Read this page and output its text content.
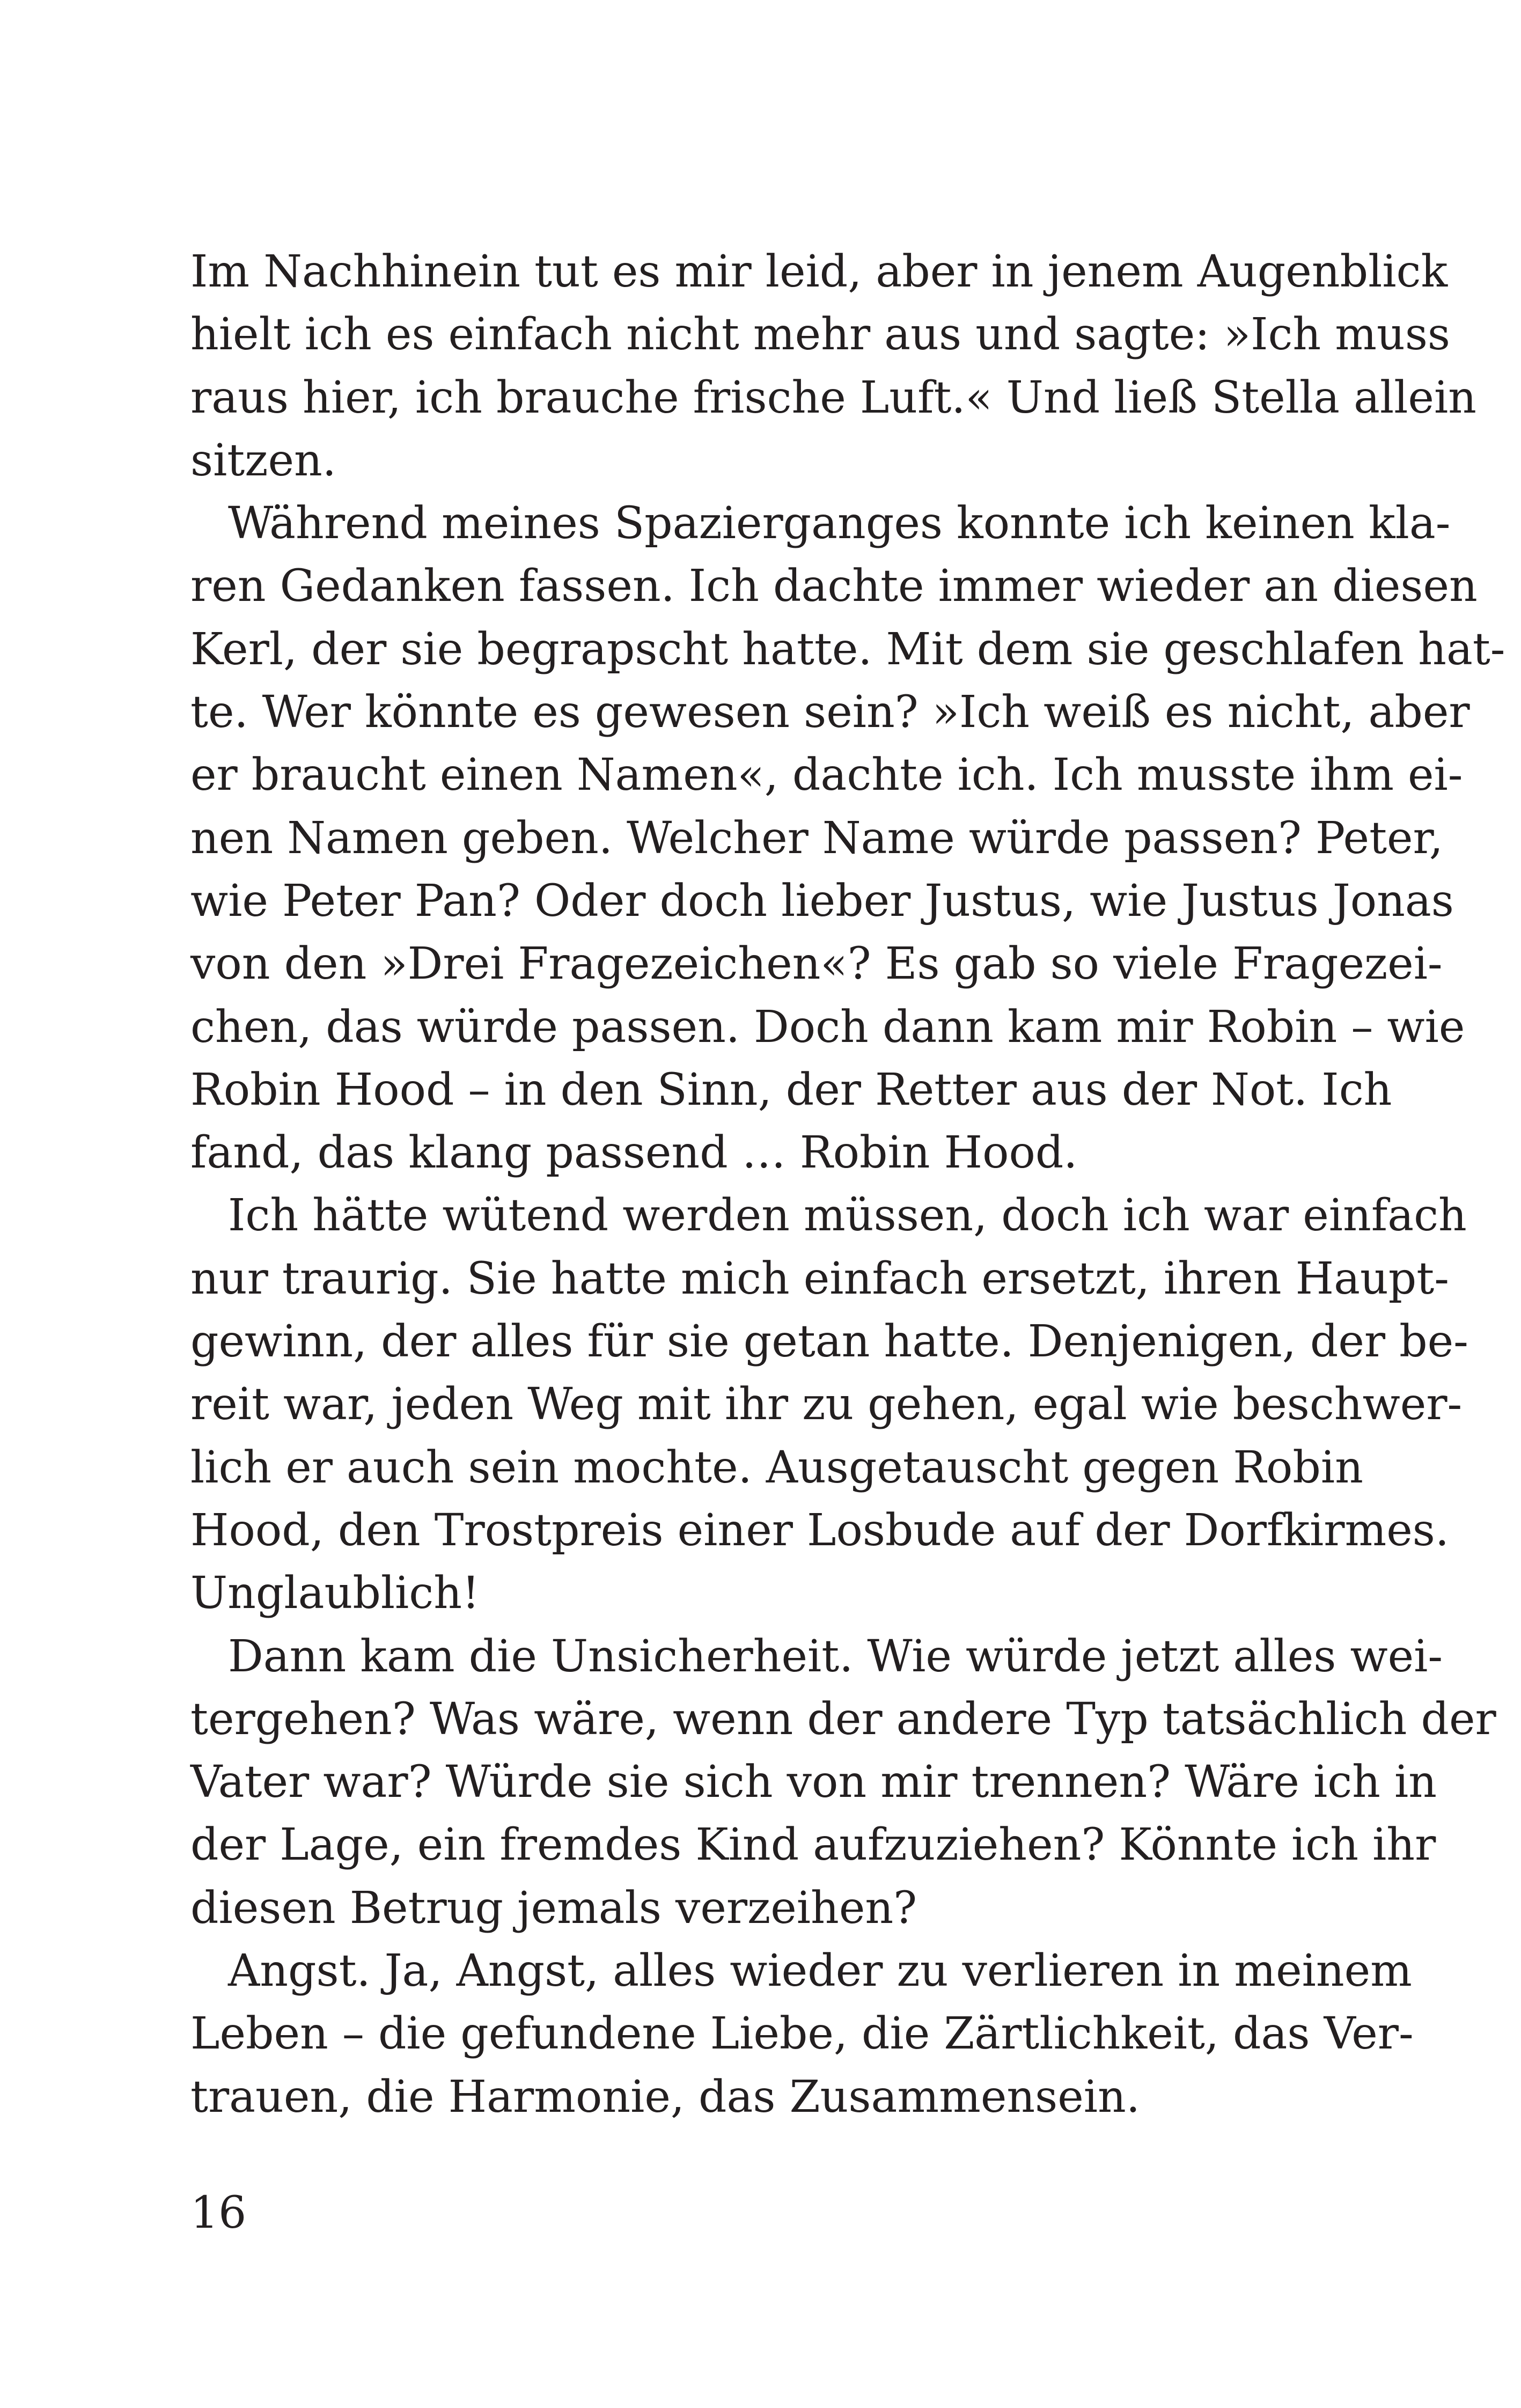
Im Nachhinein tut es mir leid, aber in jenem Augenblick
hielt ich es einfach nicht mehr aus und sagte: »Ich muss
raus hier, ich brauche frische Luft.« Und ließ Stella allein
sitzen.
Während meines Spazierganges konnte ich keinen kla-
ren Gedanken fassen. Ich dachte immer wieder an diesen
Kerl, der sie begrapscht hatte. Mit dem sie geschlafen hat-
te. Wer könnte es gewesen sein? »Ich weiß es nicht, aber
er braucht einen Namen«, dachte ich. Ich musste ihm ei-
nen Namen geben. Welcher Name würde passen? Peter,
wie Peter Pan? Oder doch lieber Justus, wie Justus Jonas
von den »Drei Fragezeichen«? Es gab so viele Fragezei-
chen, das würde passen. Doch dann kam mir Robin – wie
Robin Hood – in den Sinn, der Retter aus der Not. Ich
fand, das klang passend … Robin Hood.
Ich hätte wütend werden müssen, doch ich war einfach
nur traurig. Sie hatte mich einfach ersetzt, ihren Haupt-
gewinn, der alles für sie getan hatte. Denjenigen, der be-
reit war, jeden Weg mit ihr zu gehen, egal wie beschwer-
lich er auch sein mochte. Ausgetauscht gegen Robin
Hood, den Trostpreis einer Losbude auf der Dorfkirmes.
Unglaublich!
Dann kam die Unsicherheit. Wie würde jetzt alles wei-
tergehen? Was wäre, wenn der andere Typ tatsächlich der
Vater war? Würde sie sich von mir trennen? Wäre ich in
der Lage, ein fremdes Kind aufzuziehen? Könnte ich ihr
diesen Betrug jemals verzeihen?
Angst. Ja, Angst, alles wieder zu verlieren in meinem
Leben – die gefundene Liebe, die Zärtlichkeit, das Ver-
trauen, die Harmonie, das Zusammensein.
16
